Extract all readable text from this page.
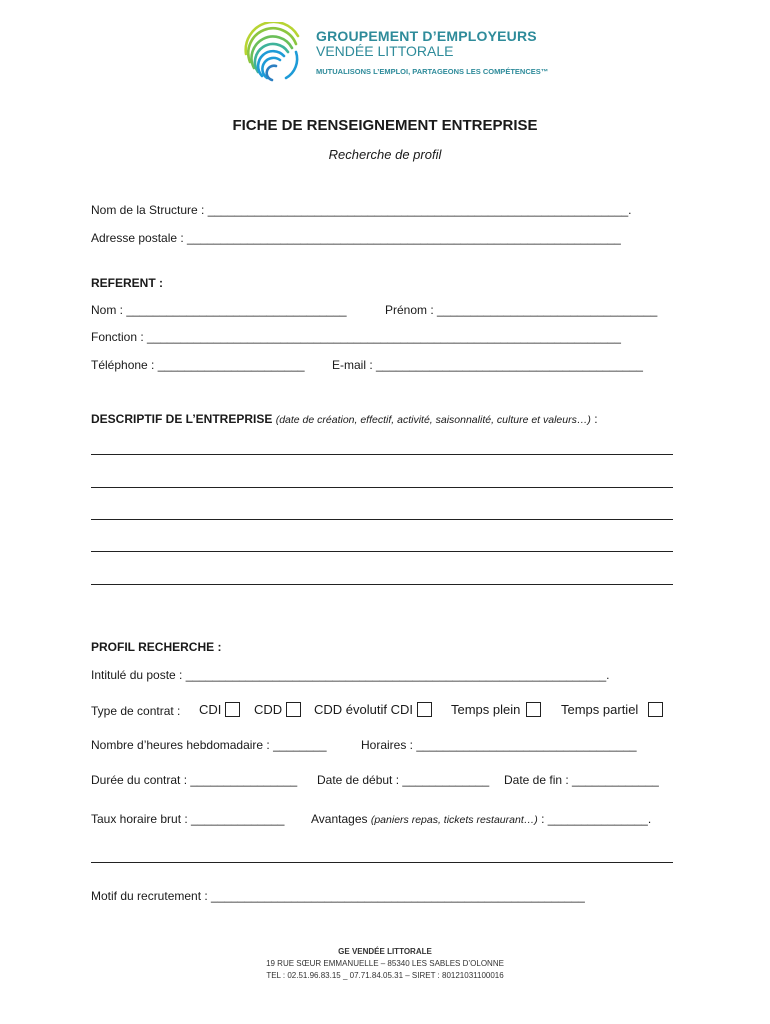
GROUPEMENT D’EMPLOYEURS
VENDÉE LITTORALE
MUTUALISONS L’EMPLOI, PARTAGEONS LES COMPÉTENCES™
FICHE DE RENSEIGNEMENT ENTREPRISE
Recherche de profil
Nom de la Structure : _______________________________________________________________.
Adresse postale : _________________________________________________________________
REFERENT :
Nom : _________________________________	Prénom : _________________________________
Fonction : _______________________________________________________________________
Téléphone : ______________________ E-mail : ________________________________________
DESCRIPTIF DE L’ENTREPRISE (date de création, effectif, activité, saisonnalité, culture et valeurs…) :
PROFIL RECHERCHE :
Intitulé du poste : _______________________________________________________________.
Type de contrat : CDI	CDD	CDD évolutif CDI	Temps plein	Temps partiel
Nombre d’heures hebdomadaire : ________	Horaires : _________________________________
Durée du contrat : ________________ Date de début : _____________ Date de fin : _____________
Taux horaire brut : ______________ Avantages (paniers repas, tickets restaurant…) : _______________.
Motif du recrutement : ________________________________________________________
GE VENDÉE LITTORALE
19 RUE SŒUR EMMANUELLE – 85340 LES SABLES D’OLONNE
TEL : 02.51.96.83.15 _ 07.71.84.05.31 – SIRET : 80121031100016
